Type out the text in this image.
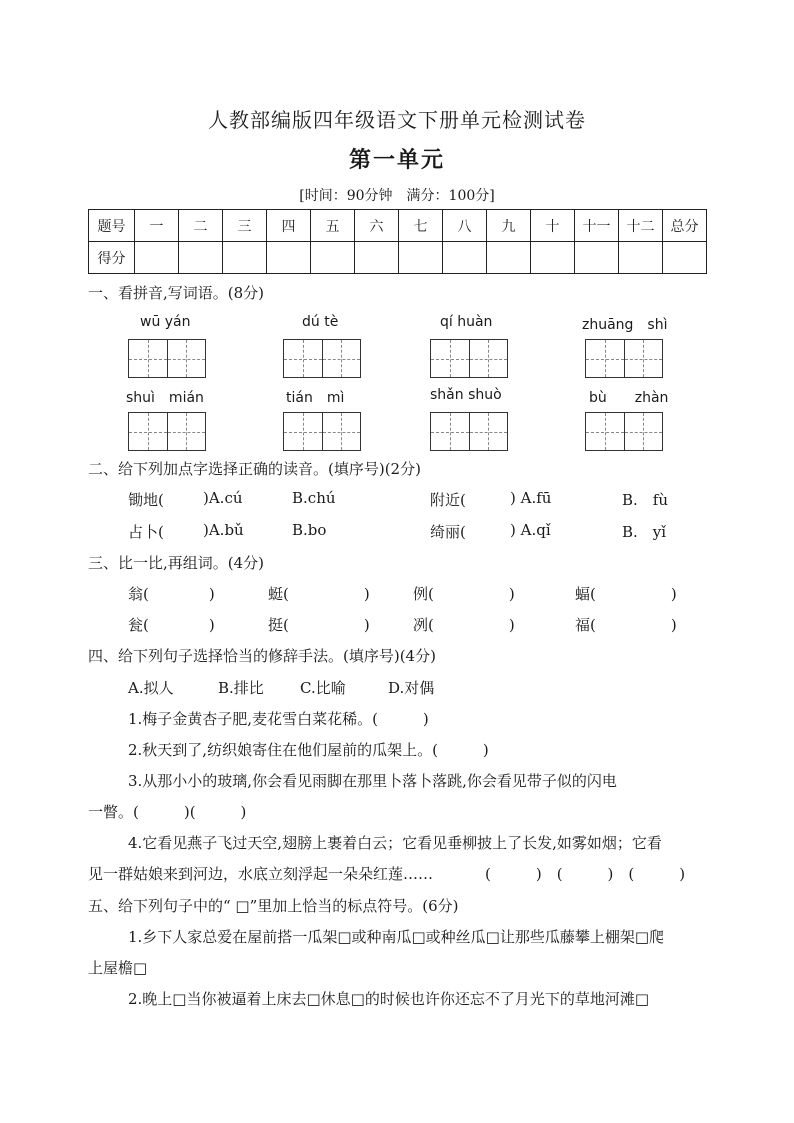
人教部编版四年级语文下册单元检测试卷
第一单元
[时间：90分钟　满分：100分]
题号	一	二	三	四	五	六	七	八	九	十	十一	十二	总分
得分													
一、看拼音,写词语。(8分)
wū yán	dú tè	qí huàn	zhuāng　shì
shuì　mián	tián　mì	shǎn shuò	bù　　zhàn
二、给下列加点字选择正确的读音。(填序号)(2分)
锄地(	)A.cú	B.chú	附近(	) A.fū	B.　fù
占卜(	)A.bǔ	B.bo	绮丽(	) A.qǐ	B.　yǐ
三、比一比,再组词。(4分)
翁(　　　　)	蜓(　　　　　)	例(　　　　　)	蝠(　　　　　)
瓮(　　　　)	挺(　　　　　)	冽(　　　　　)	福(　　　　　)
四、给下列句子选择恰当的修辞手法。(填序号)(4分)
A.拟人	B.排比 C.比喻	D.对偶
1.梅子金黄杏子肥,麦花雪白菜花稀。(　　　)
2.秋天到了,纺织娘寄住在他们屋前的瓜架上。(　　　)
3.从那小小的玻璃,你会看见雨脚在那里卜落卜落跳,你会看见带子似的闪电
一瞥。(　　　)(　　　)
4.它看见燕子飞过天空,翅膀上裹着白云；它看见垂柳披上了长发,如雾如烟；它看
见一群姑娘来到河边，水底立刻浮起一朵朵红莲……	(　　　)　(　　　)　(　　　)
五、给下列句子中的“ □”里加上恰当的标点符号。(6分)
1.乡下人家总爱在屋前搭一瓜架□或种南瓜□或种丝瓜□让那些瓜藤攀上棚架□爬
上屋檐□
2.晚上□当你被逼着上床去□休息□的时候也许你还忘不了月光下的草地河滩□
